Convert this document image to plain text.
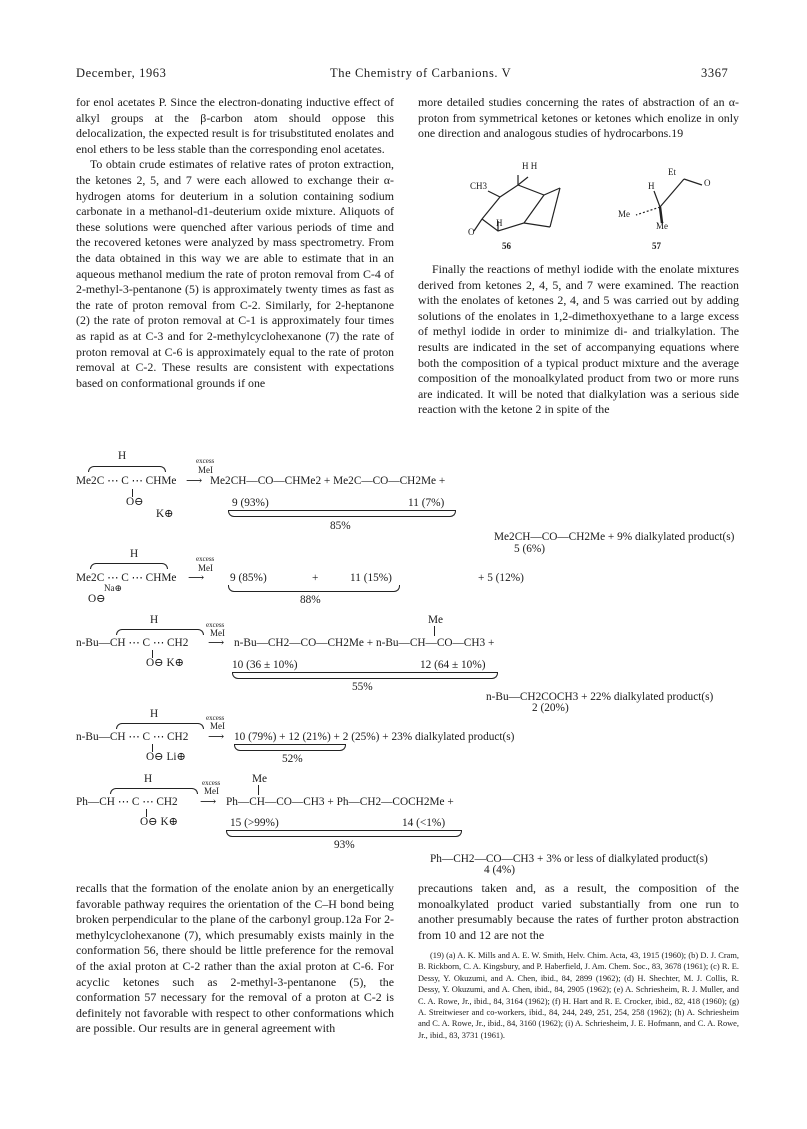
December, 1963	The Chemistry of Carbanions. V	3367

for enol acetates P. Since the electron-donating inductive effect of alkyl groups at the β-carbon atom should oppose this delocalization, the expected result is for trisubstituted enolates and enol ethers to be less stable than the corresponding enol acetates.

To obtain crude estimates of relative rates of proton extraction, the ketones 2, 5, and 7 were each allowed to exchange their α-hydrogen atoms for deuterium in a solution containing sodium carbonate in a methanol-d1-deuterium oxide mixture. Aliquots of these solutions were quenched after various periods of time and the recovered ketones were analyzed by mass spectrometry. From the data obtained in this way we are able to estimate that in an aqueous methanol medium the rate of proton removal from C-4 of 2-methyl-3-pentanone (5) is approximately twenty times as fast as the rate of proton removal from C-2. Similarly, for 2-heptanone (2) the rate of proton removal at C-1 is approximately four times as rapid as at C-3 and for 2-methylcyclohexanone (7) the rate of proton removal at C-6 is approximately equal to the rate of proton removal at C-2. These results are consistent with expectations based on conformational grounds if one

more detailed studies concerning the rates of abstraction of an α-proton from symmetrical ketones or ketones which enolize in only one direction and analogous studies of hydrocarbons.19

H H
CH3
O
H
56
Et
O
H
Me
Me
57

Finally the reactions of methyl iodide with the enolate mixtures derived from ketones 2, 4, 5, and 7 were examined. The reaction with the enolates of ketones 2, 4, and 5 was carried out by adding solutions of the enolates in 1,2-dimethoxyethane to a large excess of methyl iodide in order to minimize di- and trialkylation. The results are indicated in the set of accompanying equations where both the composition of a typical product mixture and the average composition of the monoalkylated product from two or more runs are indicated. It will be noted that dialkylation was a serious side reaction with the ketone 2 in spite of the

H	excess
MeI
Me2C ⋯ C ⋯ CHMe ⟶ Me2CH—CO—CHMe2 + Me2C—CO—CH2Me +
O⊖
K⊕
9 (93%)	11 (7%)
85%
Me2CH—CO—CH2Me + 9% dialkylated product(s)
5 (6%)
H	excess
MeI
Me2C ⋯ C ⋯ CHMe ⟶ 9 (85%)	+	11 (15%)	+ 5 (12%)
Na⊕
O⊖	88%
H	excess
MeI
Me
n-Bu—CH ⋯ C ⋯ CH2 ⟶ n-Bu—CH2—CO—CH2Me + n-Bu—CH—CO—CH3 +
O⊖ K⊕	10 (36 ± 10%)	12 (64 ± 10%)
55%
n-Bu—CH2COCH3 + 22% dialkylated product(s)
2 (20%)
H	excess
MeI
n-Bu—CH ⋯ C ⋯ CH2 ⟶ 10 (79%) + 12 (21%) + 2 (25%) + 23% dialkylated product(s)
O⊖ Li⊕	52%
H	excess
MeI
Me
Ph—CH ⋯ C ⋯ CH2 ⟶ Ph—CH—CO—CH3 + Ph—CH2—COCH2Me +
O⊖ K⊕	15 (>99%)	14 (<1%)
93%
Ph—CH2—CO—CH3 + 3% or less of dialkylated product(s)
4 (4%)

recalls that the formation of the enolate anion by an energetically favorable pathway requires the orientation of the C–H bond being broken perpendicular to the plane of the carbonyl group.12a For 2-methylcyclohexanone (7), which presumably exists mainly in the conformation 56, there should be little preference for the removal of the axial proton at C-2 rather than the axial proton at C-6. For acyclic ketones such as 2-methyl-3-pentanone (5), the conformation 57 necessary for the removal of a proton at C-2 is definitely not favorable with respect to other conformations which are possible. Our results are in general agreement with

precautions taken and, as a result, the composition of the monoalkylated product varied substantially from one run to another presumably because the rates of further proton abstraction from 10 and 12 are not the

(19) (a) A. K. Mills and A. E. W. Smith, Helv. Chim. Acta, 43, 1915 (1960); (b) D. J. Cram, B. Rickborn, C. A. Kingsbury, and P. Haberfield, J. Am. Chem. Soc., 83, 3678 (1961); (c) R. E. Dessy, Y. Okuzumi, and A. Chen, ibid., 84, 2899 (1962); (d) H. Shechter, M. J. Collis, R. Dessy, Y. Okuzumi, and A. Chen, ibid., 84, 2905 (1962); (e) A. Schriesheim, R. J. Muller, and C. A. Rowe, Jr., ibid., 84, 3164 (1962); (f) H. Hart and R. E. Crocker, ibid., 82, 418 (1960); (g) A. Streitwieser and co-workers, ibid., 84, 244, 249, 251, 254, 258 (1962); (h) A. Schriesheim and C. A. Rowe, Jr., ibid., 84, 3160 (1962); (i) A. Schriesheim, J. E. Hofmann, and C. A. Rowe, Jr., ibid., 83, 3731 (1961).
